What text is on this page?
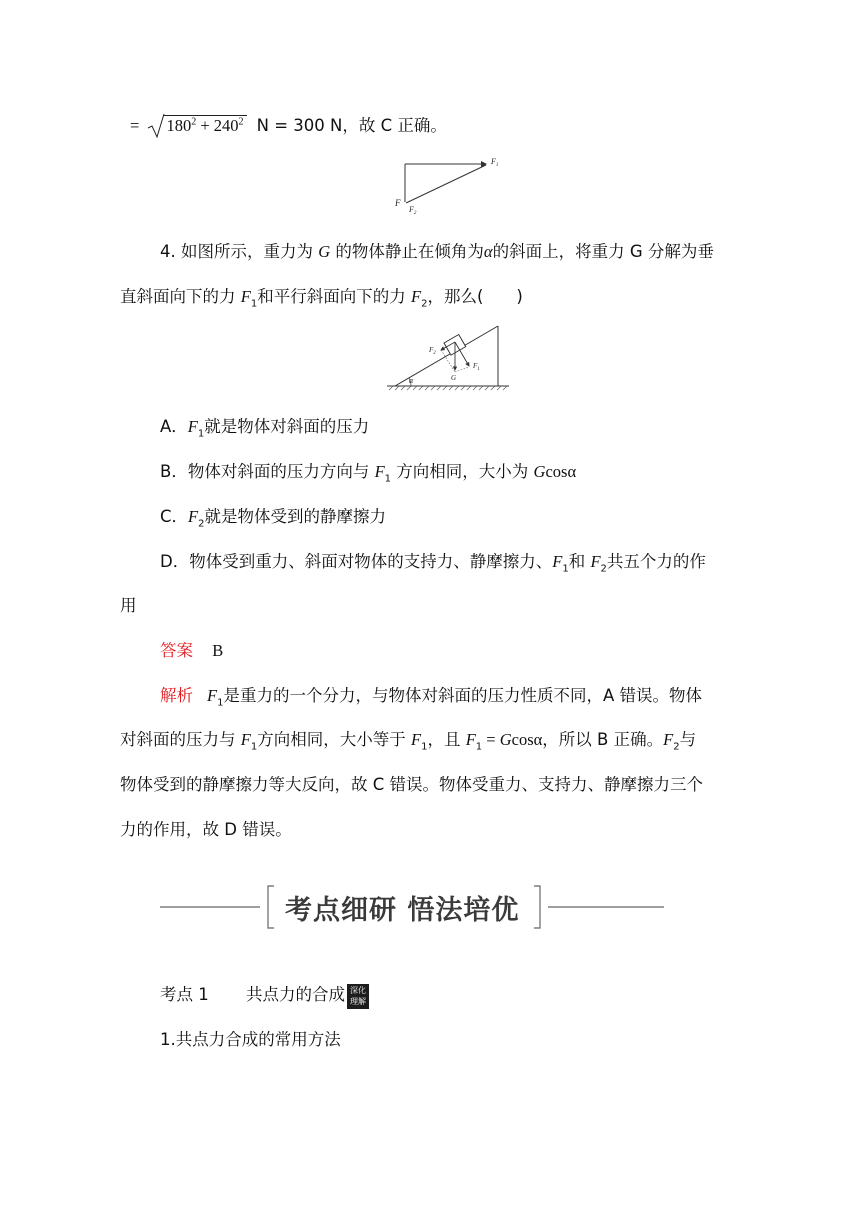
= $180^2 + 240^2$ N = 300 N，故 C 正确。
$F_1$
F
$F_2$
4. 如图所示，重力为 G 的物体静止在倾角为α的斜面上，将重力 G 分解为垂
直斜面向下的力 $F_1$和平行斜面向下的力 $F_2$，那么(　　)
α
$F_2$
$F_1$
G
A．$F_1$就是物体对斜面的压力
B．物体对斜面的压力方向与 $F_1$ 方向相同，大小为 Gcosα
C．$F_2$就是物体受到的静摩擦力
D．物体受到重力、斜面对物体的支持力、静摩擦力、$F_1$和 $F_2$共五个力的作
用
答案 B
解析 $F_1$是重力的一个分力，与物体对斜面的压力性质不同，A 错误。物体
对斜面的压力与 $F_1$方向相同，大小等于 $F_1$，且 $F_1 = Gcos\alpha$，所以 B 正确。$F_2$与
物体受到的静摩擦力等大反向，故 C 错误。物体受重力、支持力、静摩擦力三个
力的作用，故 D 错误。
考点细研 悟法培优
考点 1 共点力的合成 深化
理解
1.共点力合成的常用方法
